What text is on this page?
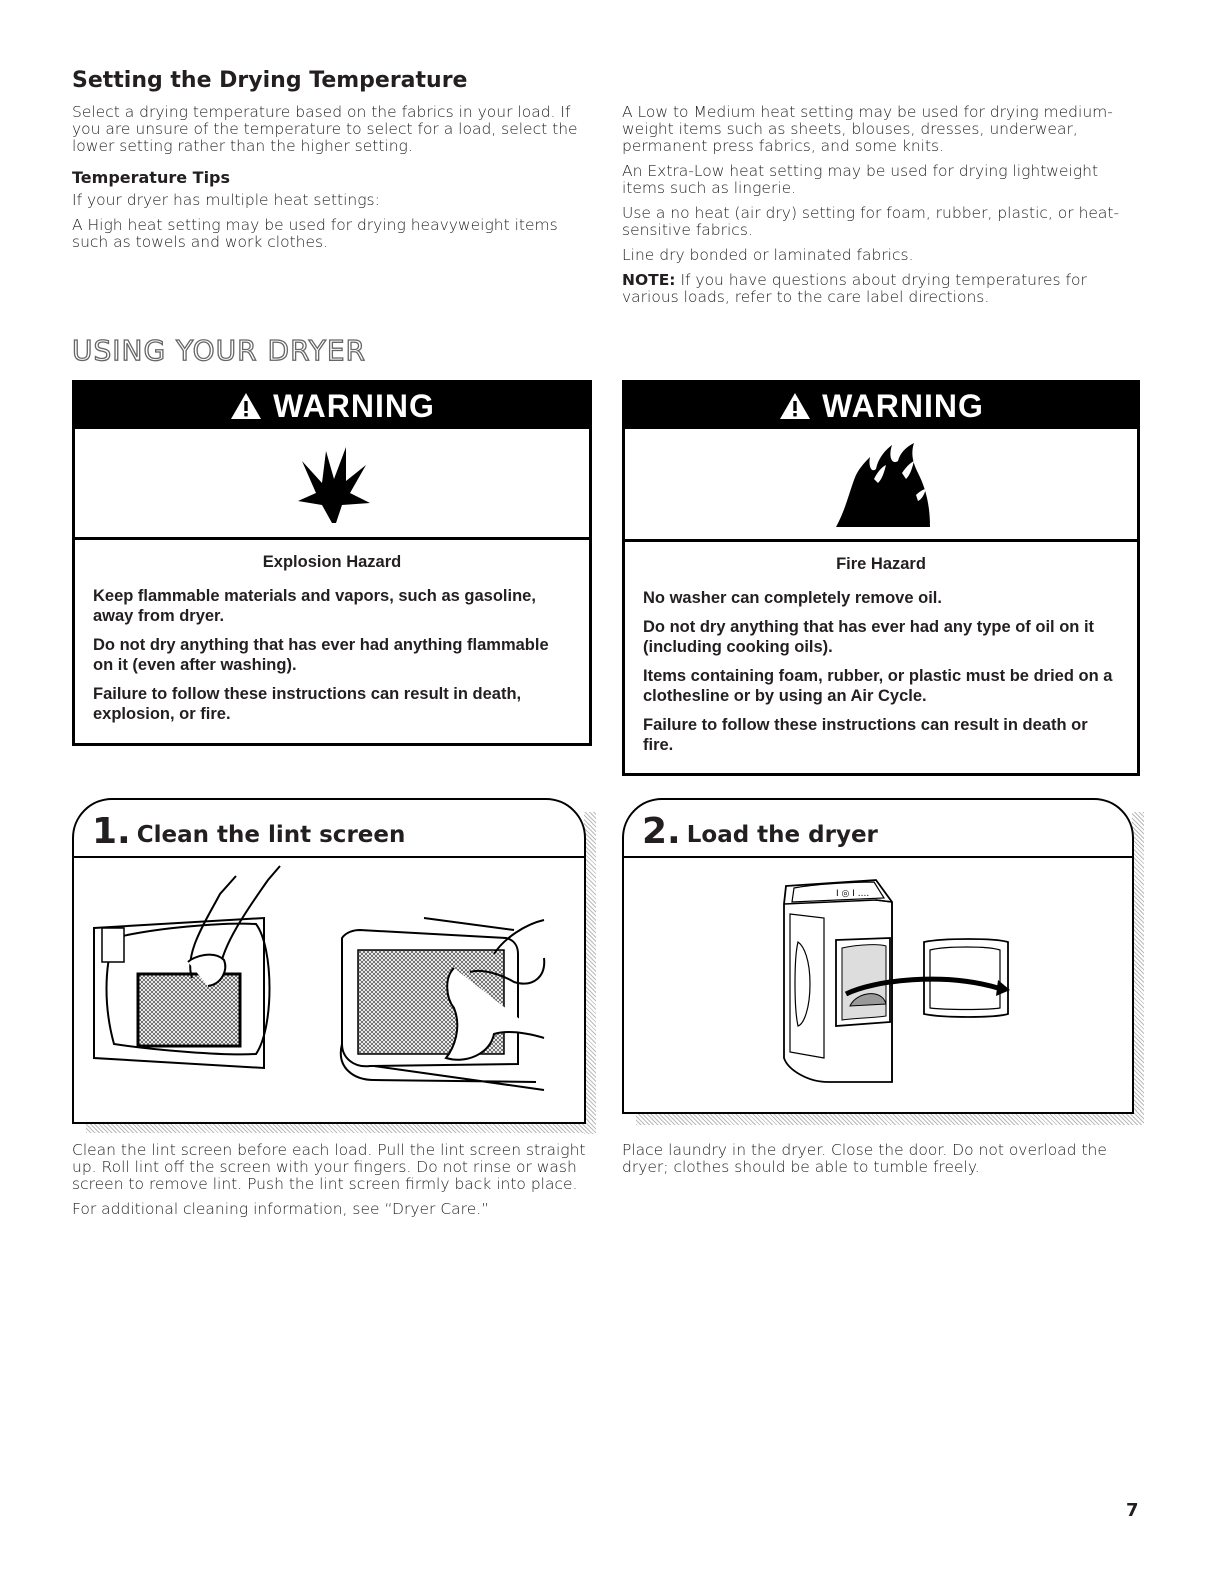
Setting the Drying Temperature

Select a drying temperature based on the fabrics in your load. If you are unsure of the temperature to select for a load, select the lower setting rather than the higher setting.

Temperature Tips

If your dryer has multiple heat settings:

A High heat setting may be used for drying heavyweight items such as towels and work clothes.

A Low to Medium heat setting may be used for drying medium-weight items such as sheets, blouses, dresses, underwear, permanent press fabrics, and some knits.

An Extra-Low heat setting may be used for drying lightweight items such as lingerie.

Use a no heat (air dry) setting for foam, rubber, plastic, or heat-sensitive fabrics.

Line dry bonded or laminated fabrics.

NOTE: If you have questions about drying temperatures for various loads, refer to the care label directions.

USING YOUR DRYER
WARNING

Explosion Hazard

Keep flammable materials and vapors, such as gasoline, away from dryer.

Do not dry anything that has ever had anything flammable on it (even after washing).

Failure to follow these instructions can result in death, explosion, or fire.

WARNING

Fire Hazard

No washer can completely remove oil.

Do not dry anything that has ever had any type of oil on it (including cooking oils).

Items containing foam, rubber, or plastic must be dried on a clothesline or by using an Air Cycle.

Failure to follow these instructions can result in death or fire.

1. Clean the lint screen

Clean the lint screen before each load. Pull the lint screen straight up. Roll lint off the screen with your fingers. Do not rinse or wash screen to remove lint. Push the lint screen firmly back into place.

For additional cleaning information, see “Dryer Care.”

2. Load the dryer
I ◎ I ....

Place laundry in the dryer. Close the door. Do not overload the dryer; clothes should be able to tumble freely.

7
